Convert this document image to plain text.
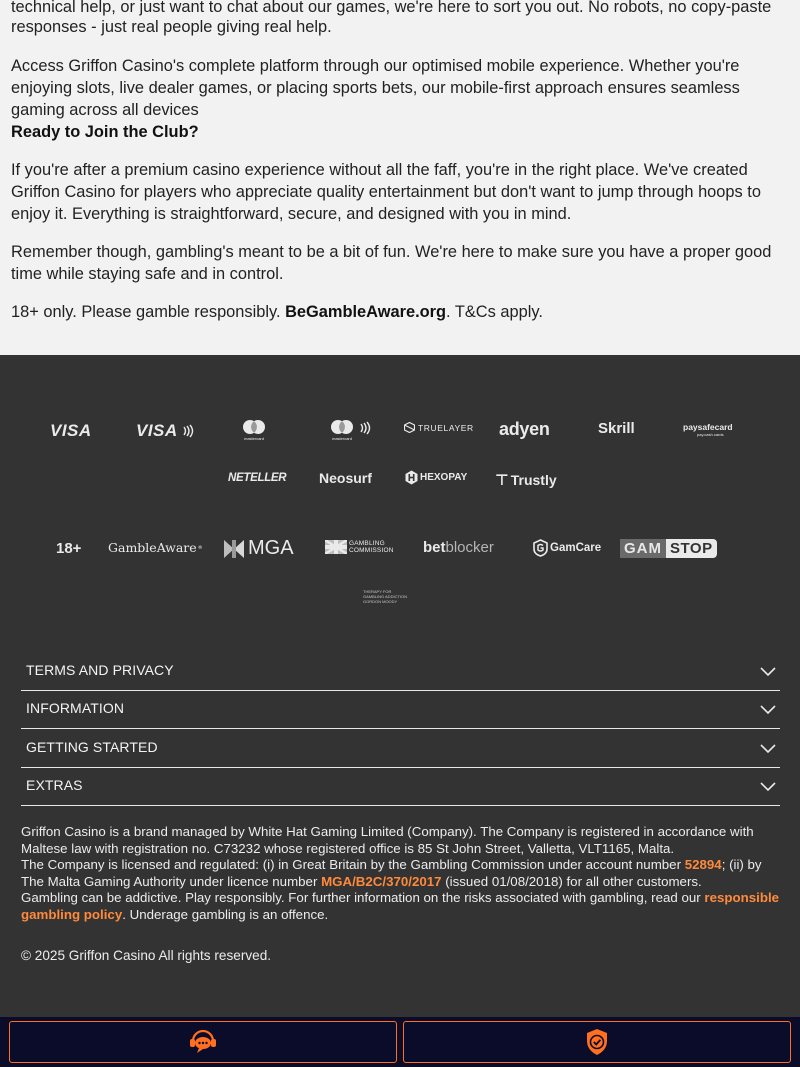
technical help, or just want to chat about our games, we're here to sort you out. No robots, no copy-paste

responses - just real people giving real help.

Access Griffon Casino's complete platform through our optimised mobile experience. Whether you're enjoying slots, live dealer games, or placing sports bets, our mobile-first approach ensures seamless gaming across all devices

Ready to Join the Club?

If you're after a premium casino experience without all the faff, you're in the right place. We've created Griffon Casino for players who appreciate quality entertainment but don't want to jump through hoops to enjoy it. Everything is straightforward, secure, and designed with you in mind.

Remember though, gambling's meant to be a bit of fun. We're here to make sure you have a proper good time while staying safe and in control.

18+ only. Please gamble responsibly. BeGambleAware.org. T&Cs apply.

VISA	VISA	mastercard	mastercard
TRUELAYER adyen	Skrill	paysafecard
pay.cash.cards
NETELLER Neosurf	HEXOPAY ⊤ Trustly
18+ GambleAware ® MGA	GAMBLING
COMMISSION bet blocker	GamCare GAM STOP
THERAPY FOR
GAMBLING ADDICTION
GORDON MOODY
TERMS AND PRIVACY
INFORMATION
GETTING STARTED
EXTRAS
Griffon Casino is a brand managed by White Hat Gaming Limited (Company). The Company is registered in accordance with Maltese law with registration no. C73232 whose registered office is 85 St John Street, Valletta, VLT1165, Malta.
The Company is licensed and regulated: (i) in Great Britain by the Gambling Commission under account number 52894; (ii) by The Malta Gaming Authority under licence number MGA/B2C/370/2017 (issued 01/08/2018) for all other customers.
Gambling can be addictive. Play responsibly. For further information on the risks associated with gambling, read our responsible gambling policy. Underage gambling is an offence.
© 2025 Griffon Casino All rights reserved.
